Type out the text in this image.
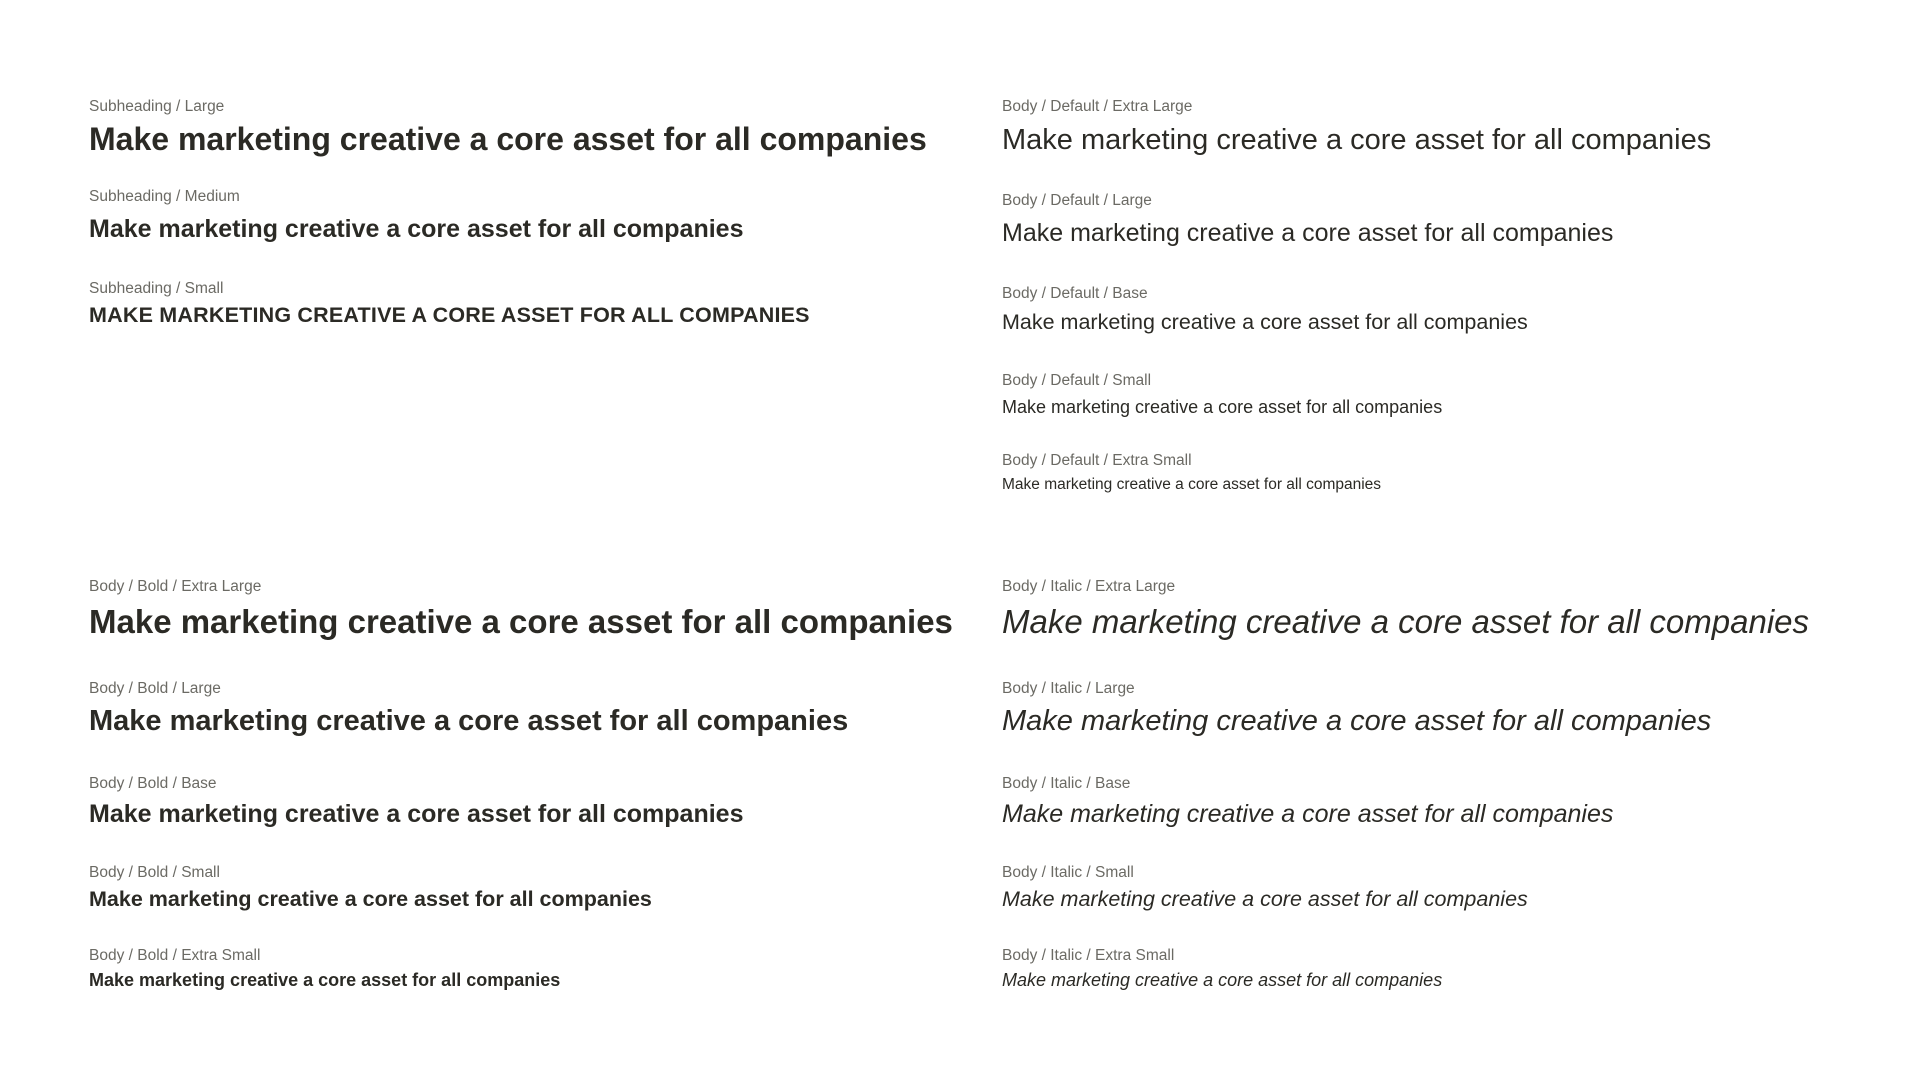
Subheading / Large
Make marketing creative a core asset for all companies
Subheading / Medium
Make marketing creative a core asset for all companies
Subheading / Small
MAKE MARKETING CREATIVE A CORE ASSET FOR ALL COMPANIES
Body / Default / Extra Large
Make marketing creative a core asset for all companies
Body / Default / Large
Make marketing creative a core asset for all companies
Body / Default / Base
Make marketing creative a core asset for all companies
Body / Default / Small
Make marketing creative a core asset for all companies
Body / Default / Extra Small
Make marketing creative a core asset for all companies
Body / Bold / Extra Large
Make marketing creative a core asset for all companies
Body / Bold / Large
Make marketing creative a core asset for all companies
Body / Bold / Base
Make marketing creative a core asset for all companies
Body / Bold / Small
Make marketing creative a core asset for all companies
Body / Bold / Extra Small
Make marketing creative a core asset for all companies
Body / Italic / Extra Large
Make marketing creative a core asset for all companies
Body / Italic / Large
Make marketing creative a core asset for all companies
Body / Italic / Base
Make marketing creative a core asset for all companies
Body / Italic / Small
Make marketing creative a core asset for all companies
Body / Italic / Extra Small
Make marketing creative a core asset for all companies
